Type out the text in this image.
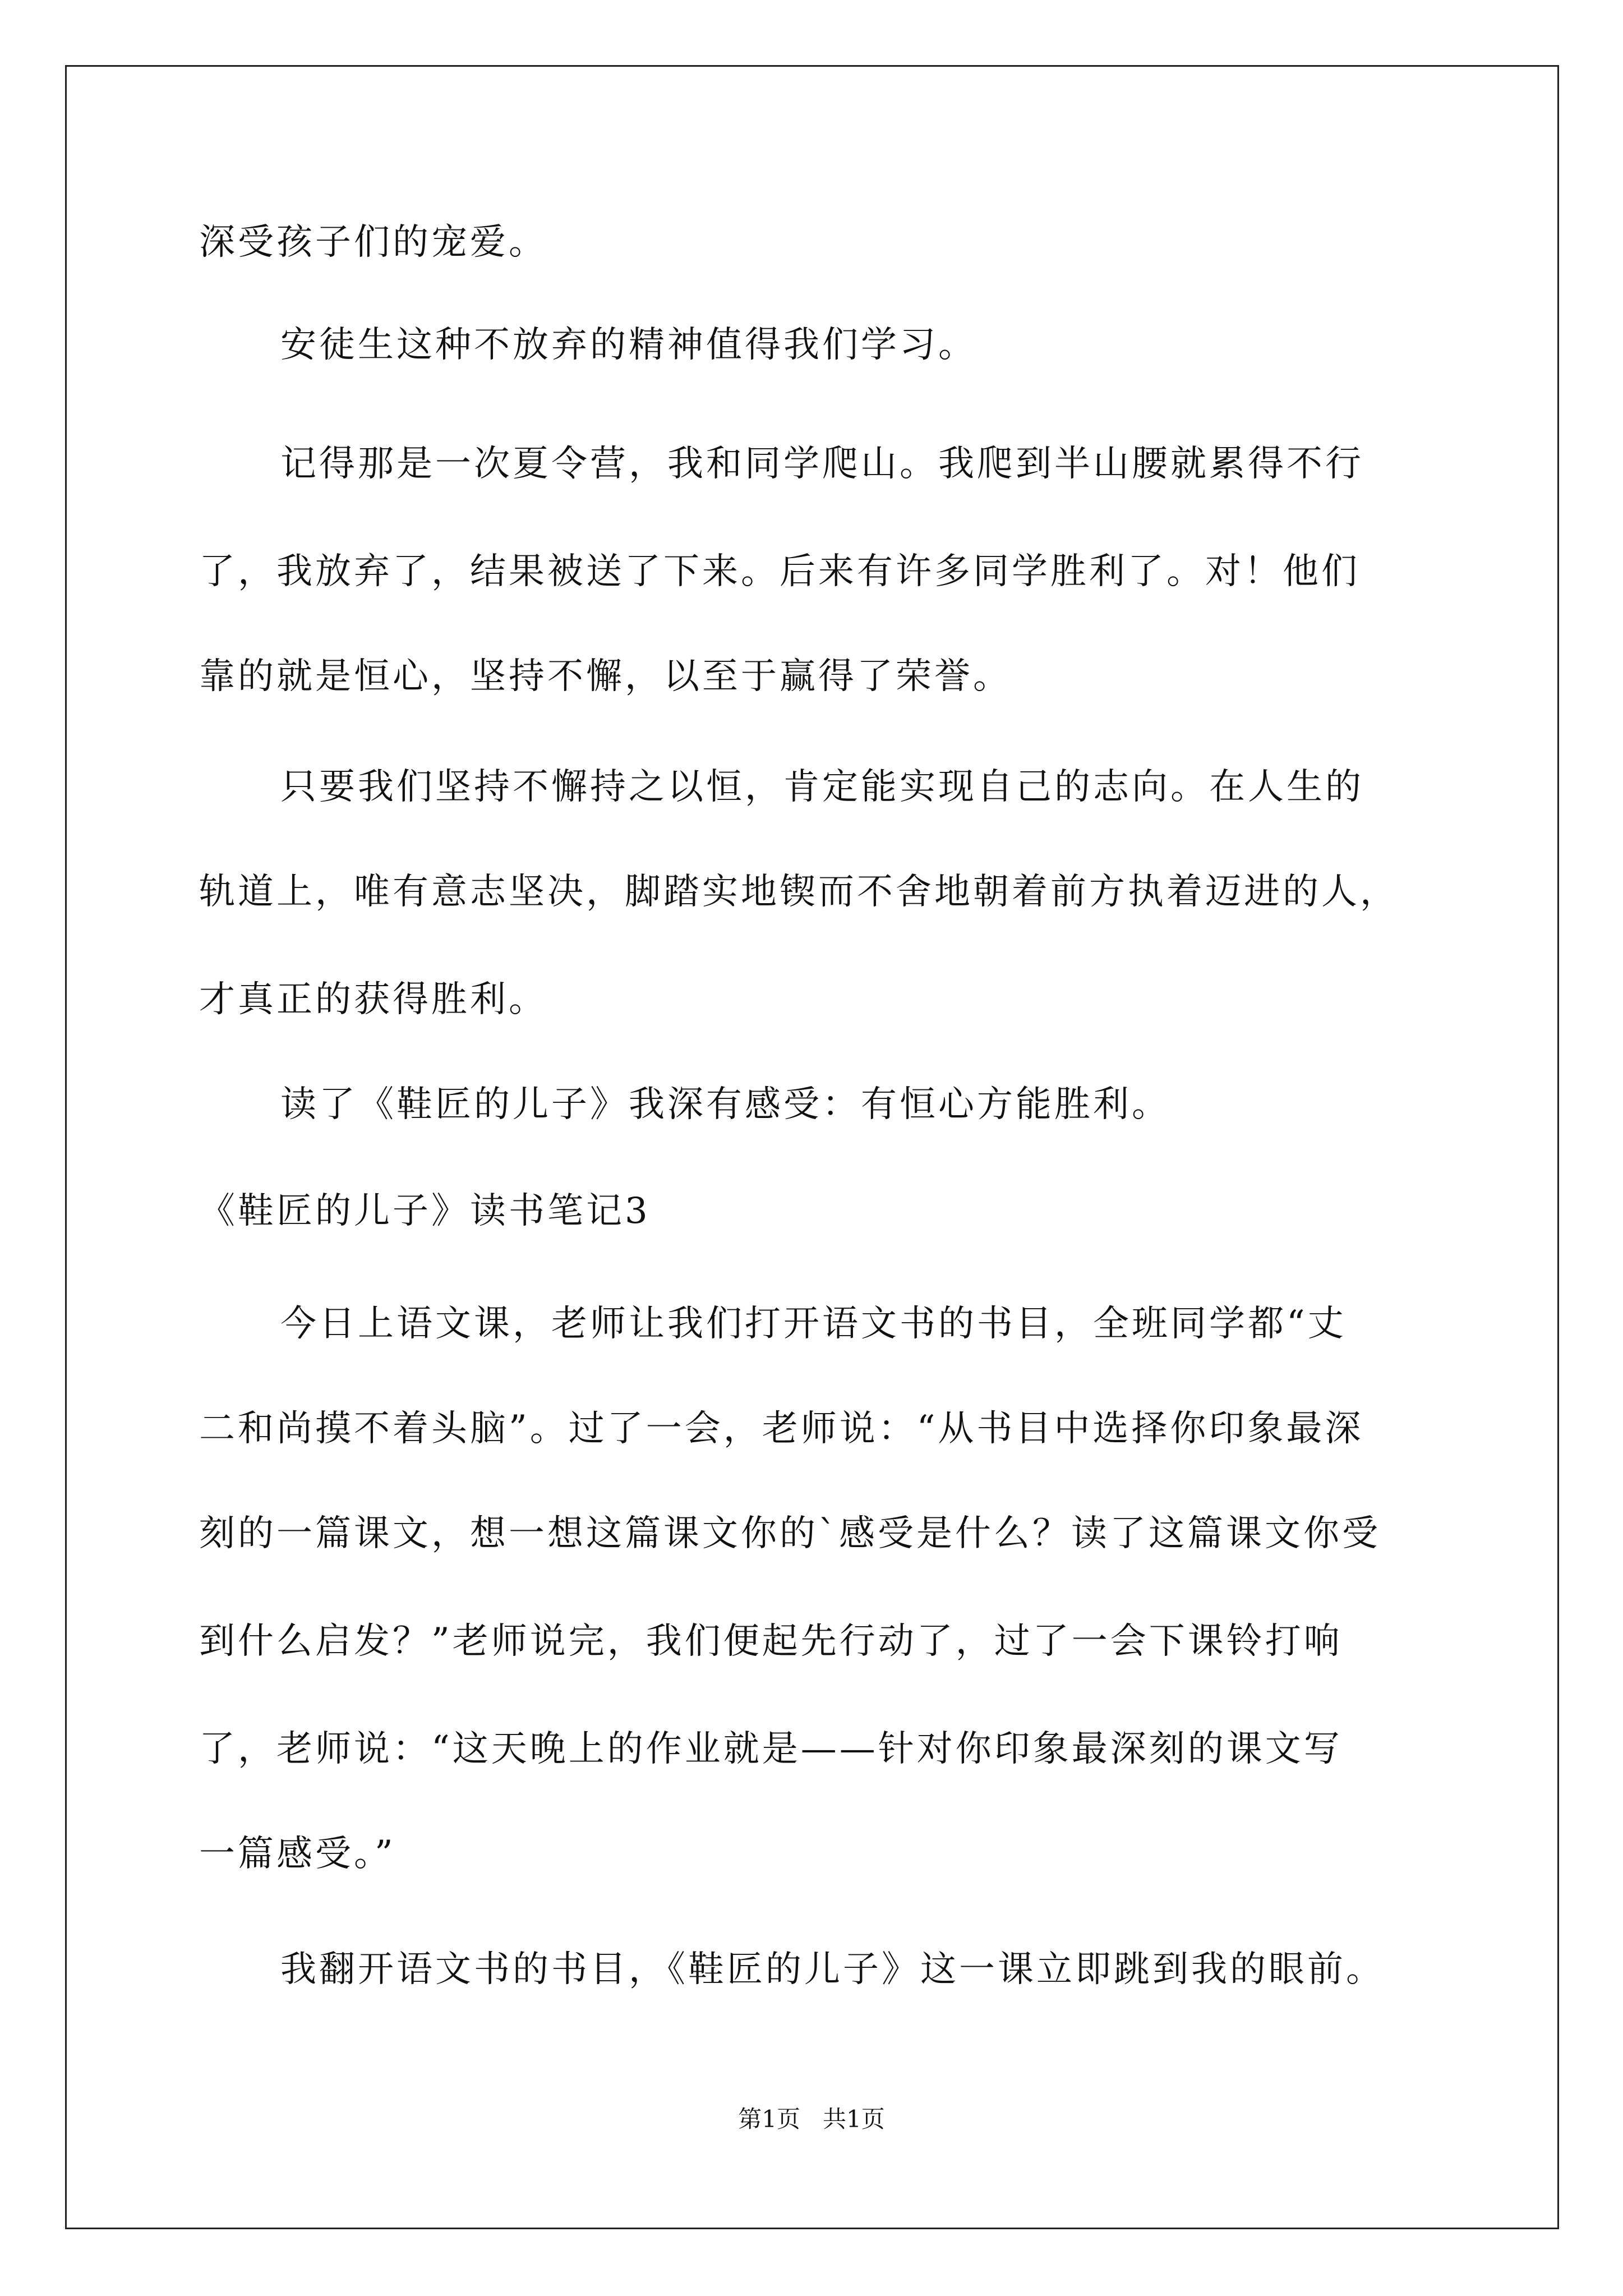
深受孩子们的宠爱。
安徒生这种不放弃的精神值得我们学习。
记得那是一次夏令营，我和同学爬山。我爬到半山腰就累得不行
了，我放弃了，结果被送了下来。后来有许多同学胜利了。对！他们
靠的就是恒心，坚持不懈，以至于赢得了荣誉。
只要我们坚持不懈持之以恒，肯定能实现自己的志向。在人生的
轨道上，唯有意志坚决，脚踏实地锲而不舍地朝着前方执着迈进的人，
才真正的获得胜利。
读了《鞋匠的儿子》我深有感受：有恒心方能胜利。
《鞋匠的儿子》读书笔记3
今日上语文课，老师让我们打开语文书的书目，全班同学都“丈
二和尚摸不着头脑”。过了一会，老师说：“从书目中选择你印象最深
刻的一篇课文，想一想这篇课文你的`感受是什么？读了这篇课文你受
到什么启发？”老师说完，我们便起先行动了，过了一会下课铃打响
了，老师说：“这天晚上的作业就是——针对你印象最深刻的课文写
一篇感受。”
我翻开语文书的书目，《鞋匠的儿子》这一课立即跳到我的眼前。
第1页   共1页
